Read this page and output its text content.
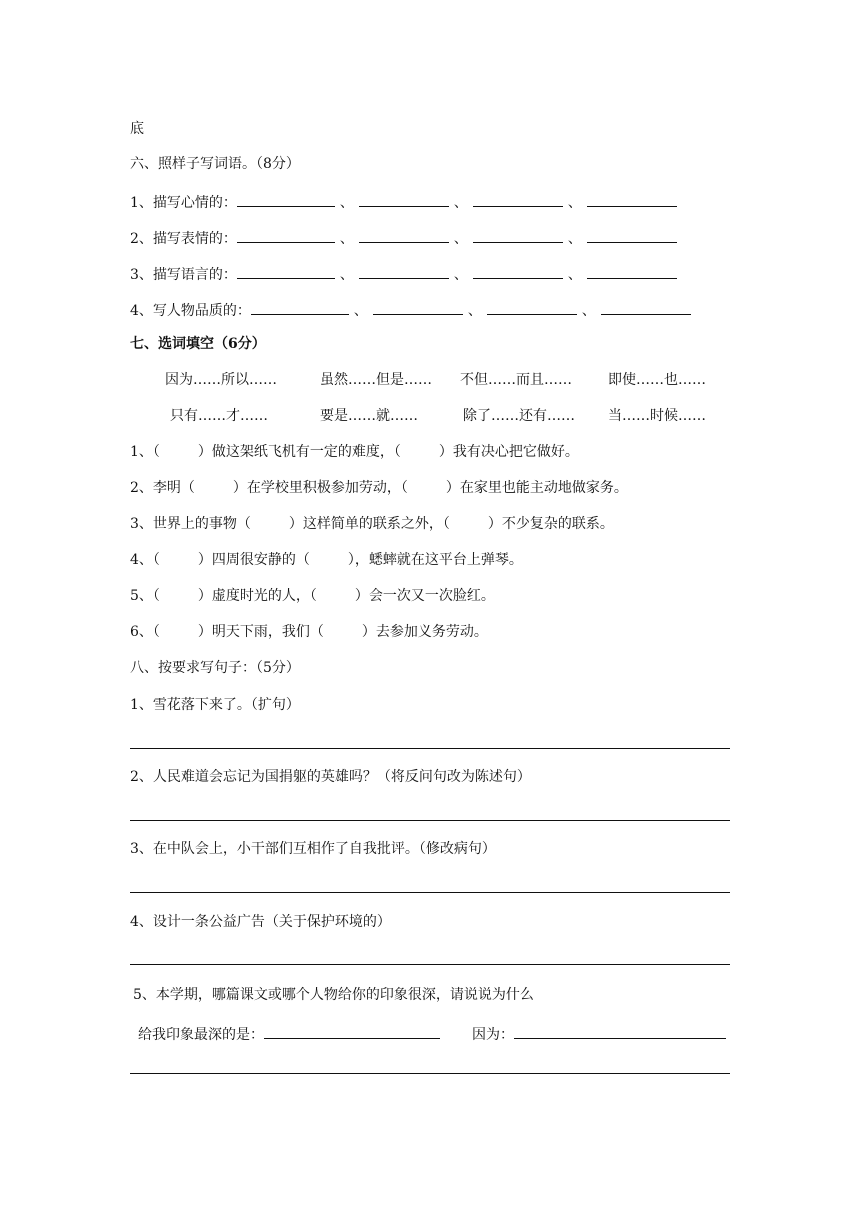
底
六、照样子写词语。（8分）
1、描写心情的：	、	、	、
2、描写表情的：	、	、	、
3、描写语言的：	、	、	、
4、写人物品质的：	、	、	、
七、选词填空（6分）
因为……所以……	虽然……但是…… 不但……而且……	即使……也……
只有……才……	要是……就……	除了……还有…… 当……时候……
1、（	）做这架纸飞机有一定的难度，（	）我有决心把它做好。
2、李明（	）在学校里积极参加劳动，（	）在家里也能主动地做家务。
3、世界上的事物（	）这样简单的联系之外，（	）不少复杂的联系。
4、（	）四周很安静的（	），蟋蟀就在这平台上弹琴。
5、（	）虚度时光的人，（	）会一次又一次脸红。
6、（	）明天下雨，我们（	）去参加义务劳动。
八、按要求写句子：（5分）
1、雪花落下来了。（扩句）
2、人民难道会忘记为国捐躯的英雄吗？（将反问句改为陈述句）
3、在中队会上，小干部们互相作了自我批评。（修改病句）
4、设计一条公益广告（关于保护环境的）
5、本学期，哪篇课文或哪个人物给你的印象很深，请说说为什么
给我印象最深的是：	因为：
